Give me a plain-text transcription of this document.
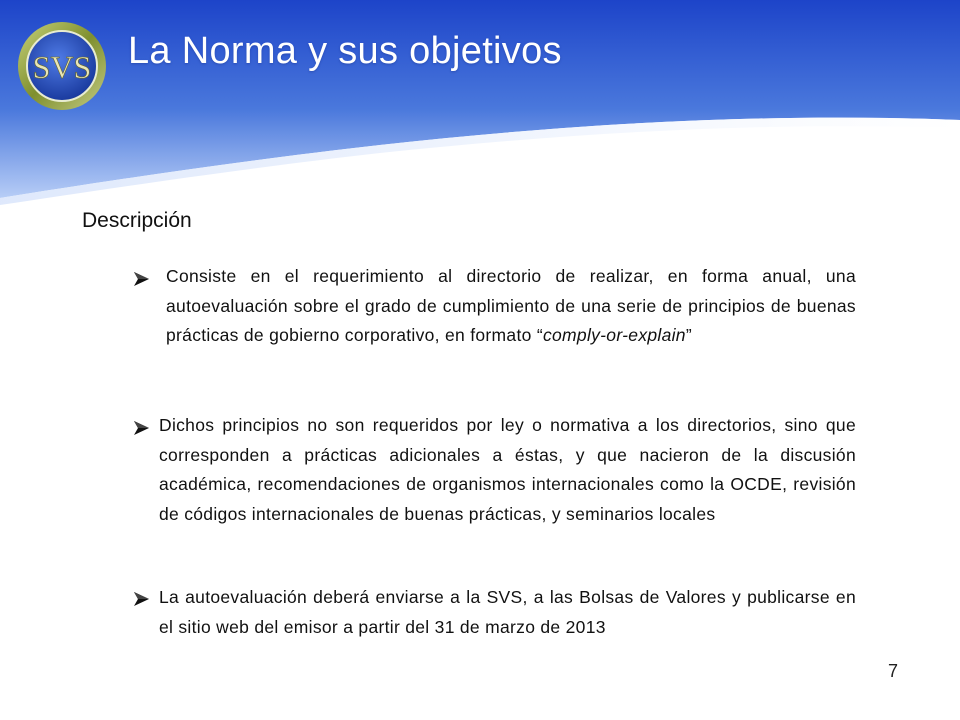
SVS La Norma y sus objetivos
Descripción
Consiste en el requerimiento al directorio de realizar, en forma anual, una autoevaluación sobre el grado de cumplimiento de una serie de principios de buenas prácticas de gobierno corporativo, en formato “comply-or-explain”
Dichos principios no son requeridos por ley o normativa a los directorios, sino que corresponden a prácticas adicionales a éstas, y que nacieron de la discusión académica, recomendaciones de organismos internacionales como la OCDE, revisión de códigos internacionales de buenas prácticas, y seminarios locales
La autoevaluación deberá enviarse a la SVS, a las Bolsas de Valores y publicarse en el sitio web del emisor a partir del 31 de marzo de 2013
7
